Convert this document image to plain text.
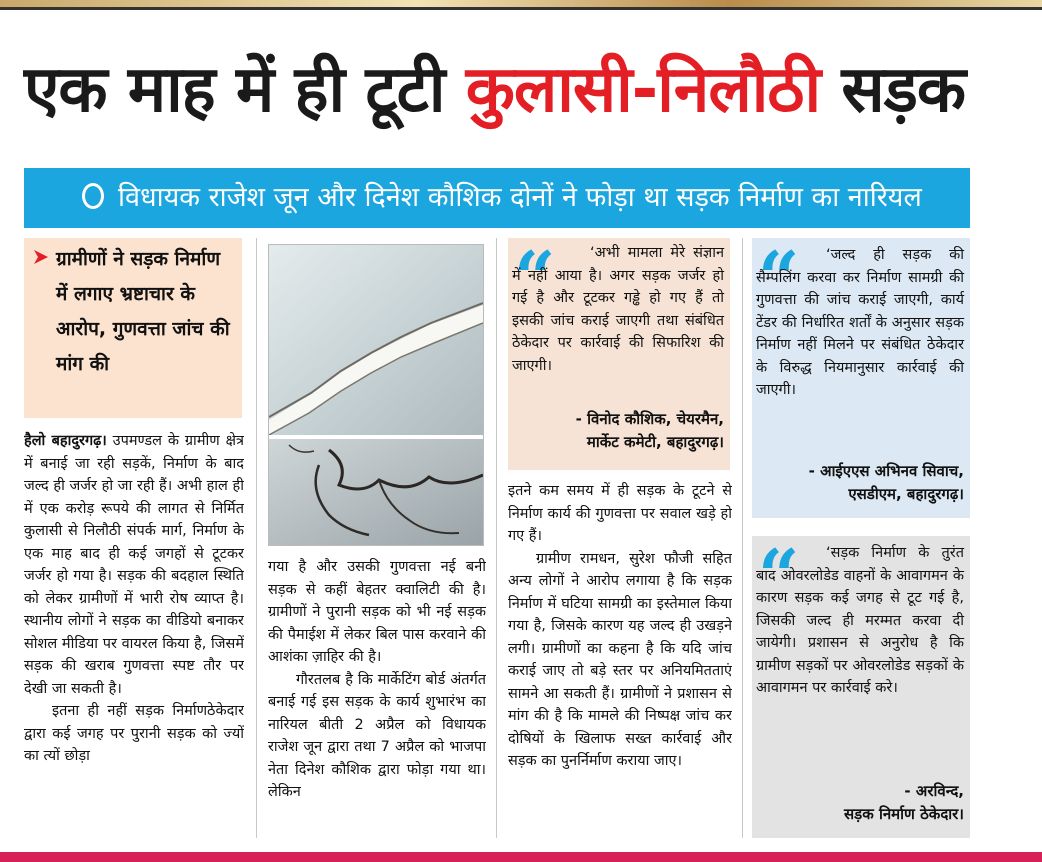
एक माह में ही टूटी कुलासी-निलौठी सड़क
विधायक राजेश जून और दिनेश कौशिक दोनों ने फोड़ा था सड़क निर्माण का नारियल
ग्रामीणों ने सड़क निर्माण में लगाए भ्रष्टाचार के आरोप, गुणवत्ता जांच की मांग की

हैलो बहादुरगढ़। उपमण्डल के ग्रामीण क्षेत्र में बनाई जा रही सड़कें, निर्माण के बाद जल्द ही जर्जर हो जा रही हैं। अभी हाल ही में एक करोड़ रूपये की लागत से निर्मित कुलासी से निलौठी संपर्क मार्ग, निर्माण के एक माह बाद ही कई जगहों से टूटकर जर्जर हो गया है। सड़क की बदहाल स्थिति को लेकर ग्रामीणों में भारी रोष व्याप्त है। स्थानीय लोगों ने सड़क का वीडियो बनाकर सोशल मीडिया पर वायरल किया है, जिसमें सड़क की खराब गुणवत्ता स्पष्ट तौर पर देखी जा सकती है।

इतना ही नहीं सड़क निर्माणठेकेदार द्वारा कई जगह पर पुरानी सड़क को ज्यों का त्यों छोड़ा

गया है और उसकी गुणवत्ता नई बनी सड़क से कहीं बेहतर क्वालिटी की है। ग्रामीणों ने पुरानी सड़क को भी नई सड़क की पैमाईश में लेकर बिल पास करवाने की आशंका ज़ाहिर की है।

गौरतलब है कि मार्केटिंग बोर्ड अंतर्गत बनाई गई इस सड़क के कार्य शुभारंभ का नारियल बीती 2 अप्रैल को विधायक राजेश जून द्वारा तथा 7 अप्रैल को भाजपा नेता दिनेश कौशिक द्वारा फोड़ा गया था। लेकिन

“	‘अभी मामला मेरे संज्ञान में नहीं आया है। अगर सड़क जर्जर हो गई है और टूटकर गड्ढे हो गए हैं तो इसकी जांच कराई जाएगी तथा संबंधित ठेकेदार पर कार्रवाई की सिफारिश की जाएगी।
- विनोद कौशिक, चेयरमैन,
मार्केट कमेटी, बहादुरगढ़।

इतने कम समय में ही सड़क के टूटने से निर्माण कार्य की गुणवत्ता पर सवाल खड़े हो गए हैं।

ग्रामीण रामधन, सुरेश फौजी सहित अन्य लोगों ने आरोप लगाया है कि सड़क निर्माण में घटिया सामग्री का इस्तेमाल किया गया है, जिसके कारण यह जल्द ही उखड़ने लगी। ग्रामीणों का कहना है कि यदि जांच कराई जाए तो बड़े स्तर पर अनियमितताएं सामने आ सकती हैं। ग्रामीणों ने प्रशासन से मांग की है कि मामले की निष्पक्ष जांच कर दोषियों के खिलाफ सख्त कार्रवाई और सड़क का पुनर्निर्माण कराया जाए।

“	‘जल्द ही सड़क की सैम्पलिंग करवा कर निर्माण सामग्री की गुणवत्ता की जांच कराई जाएगी, कार्य टेंडर की निर्धारित शर्तों के अनुसार सड़क निर्माण नहीं मिलने पर संबंधित ठेकेदार के विरुद्ध नियमानुसार कार्रवाई की जाएगी।
- आईएएस अभिनव सिवाच,
एसडीएम, बहादुरगढ़।
“	‘सड़क निर्माण के तुरंत बाद ओवरलोडेड वाहनों के आवागमन के कारण सड़क कई जगह से टूट गई है, जिसकी जल्द ही मरम्मत करवा दी जायेगी। प्रशासन से अनुरोध है कि ग्रामीण सड़कों पर ओवरलोडेड सड़कों के आवागमन पर कार्रवाई करे।
- अरविन्द,
सड़क निर्माण ठेकेदार।
